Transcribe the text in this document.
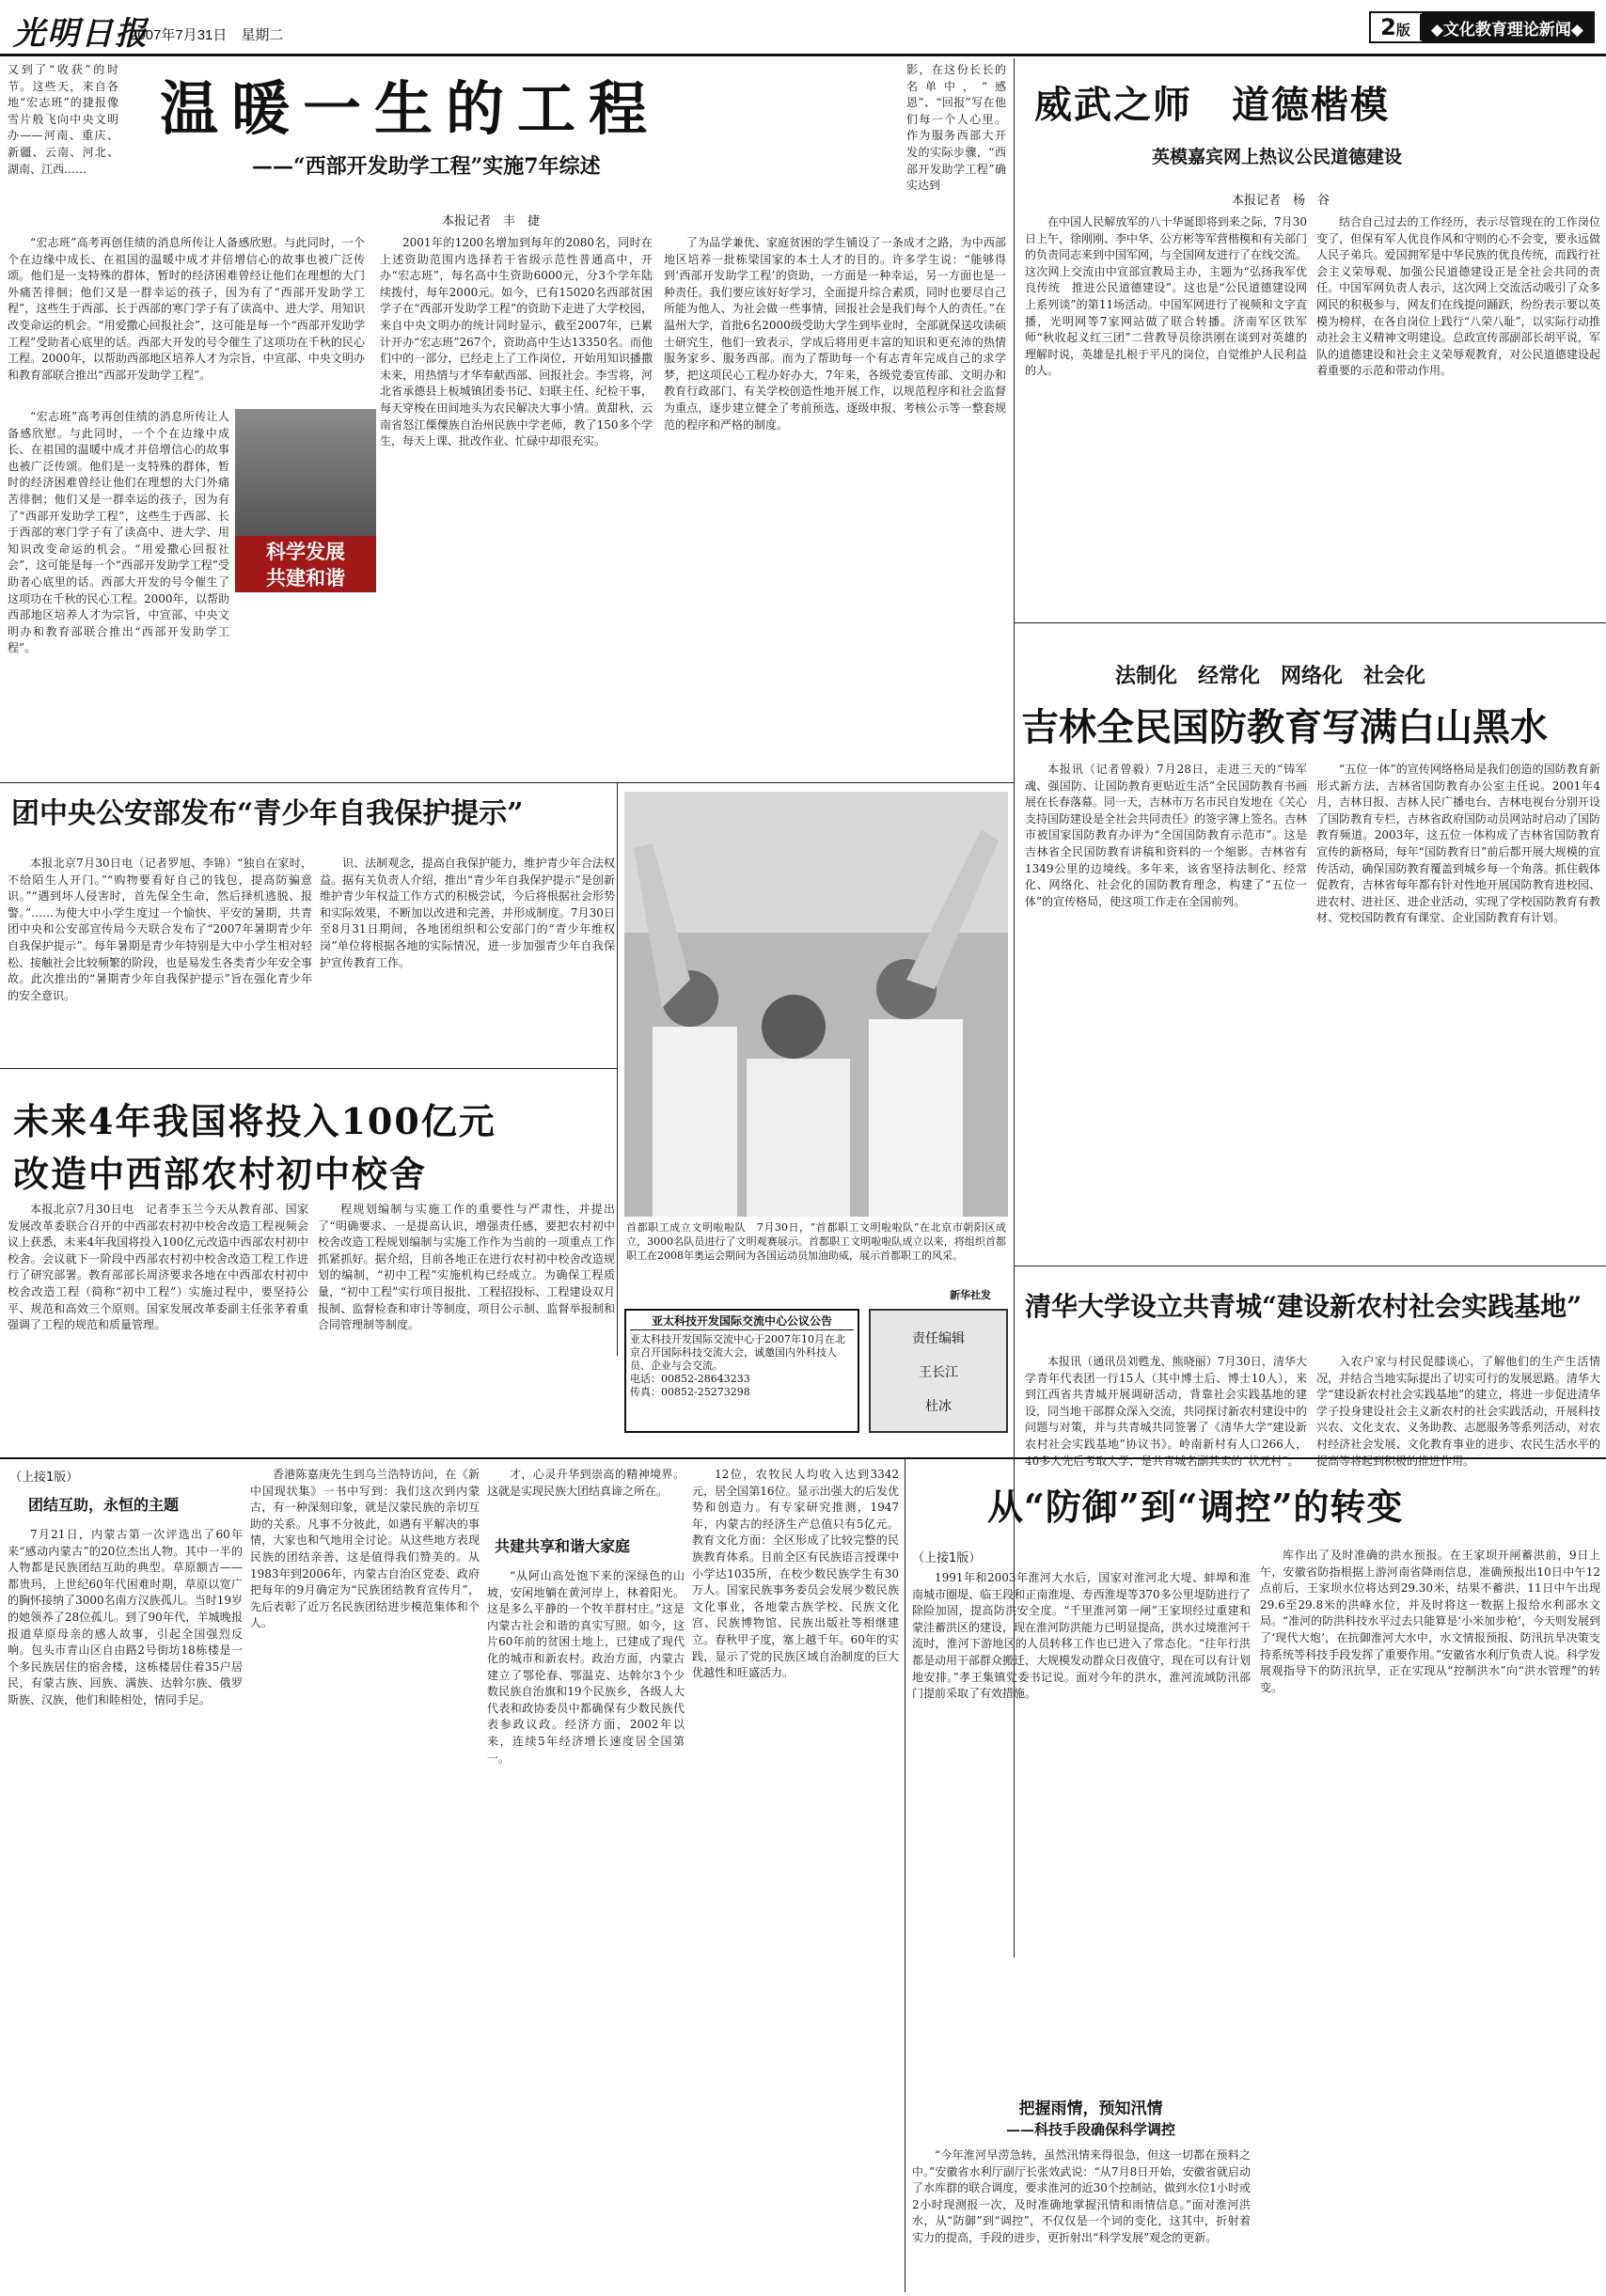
光明日报
2007年7月31日　星期二	2版	◆文化教育理论新闻◆
又到了“收获”的时节。这些天，来自各地“宏志班”的捷报像雪片般飞向中央文明办——河南、重庆、新疆、云南、河北、湖南、江西……
温暖一生的工程
——“西部开发助学工程”实施7年综述
本报记者　丰　捷
影，在这份长长的名单中，“感恩”、“回报”写在他们每一个人心里。作为服务西部大开发的实际步骤，“西部开发助学工程”确实达到
“宏志班”高考再创佳绩的消息所传让人备感欣慰。与此同时，一个个在边缘中成长、在祖国的温暖中成才并倍增信心的故事也被广泛传颂。他们是一支特殊的群体，暂时的经济困难曾经让他们在理想的大门外痛苦徘徊；他们又是一群幸运的孩子，因为有了“西部开发助学工程”，这些生于西部、长于西部的寒门学子有了读高中、进大学、用知识改变命运的机会。“用爱撒心回报社会”，这可能是每一个“西部开发助学工程”受助者心底里的话。西部大开发的号令催生了这项功在千秋的民心工程。2000年，以帮助西部地区培养人才为宗旨，中宣部、中央文明办和教育部联合推出“西部开发助学工程”。
科学发展
共建和谐
“宏志班”高考再创佳绩的消息所传让人备感欣慰。与此同时，一个个在边缘中成长、在祖国的温暖中成才并倍增信心的故事也被广泛传颂。他们是一支特殊的群体，暂时的经济困难曾经让他们在理想的大门外痛苦徘徊；他们又是一群幸运的孩子，因为有了“西部开发助学工程”，这些生于西部、长于西部的寒门学子有了读高中、进大学、用知识改变命运的机会。“用爱撒心回报社会”，这可能是每一个“西部开发助学工程”受助者心底里的话。西部大开发的号令催生了这项功在千秋的民心工程。2000年，以帮助西部地区培养人才为宗旨，中宣部、中央文明办和教育部联合推出“西部开发助学工程”。
2001年的1200名增加到每年的2080名，同时在上述资助范围内选择若干省级示范性普通高中，开办“宏志班”，每名高中生资助6000元，分3个学年陆续拨付，每年2000元。如今，已有15020名西部贫困学子在“西部开发助学工程”的资助下走进了大学校园，来自中央文明办的统计同时显示，截至2007年，已累计开办“宏志班”267个，资助高中生达13350名。而他们中的一部分，已经走上了工作岗位，开始用知识播撒未来，用热情与才华奉献西部、回报社会。李雪将，河北省承德县上板城镇团委书记、妇联主任、纪检干事，每天穿梭在田间地头为农民解决大事小情。黄甜秋，云南省怒江傈僳族自治州民族中学老师，教了150多个学生，每天上课、批改作业、忙碌中却很充实。
了为品学兼优、家庭贫困的学生铺设了一条成才之路，为中西部地区培养一批栋梁国家的本土人才的目的。许多学生说：“能够得到‘西部开发助学工程’的资助，一方面是一种幸运，另一方面也是一种责任。我们要应该好好学习，全面提升综合素质，同时也要尽自己所能为他人、为社会做一些事情，回报社会是我们每个人的责任。”在温州大学，首批6名2000级受助大学生到毕业时，全部就保送攻读硕士研究生，他们一致表示，学成后将用更丰富的知识和更充沛的热情服务家乡、服务西部。而为了帮助每一个有志青年完成自己的求学梦，把这项民心工程办好办大，7年来，各级党委宣传部、文明办和教育行政部门、有关学校创造性地开展工作，以规范程序和社会监督为重点，逐步建立健全了考前预选、逐级申报、考核公示等一整套规范的程序和严格的制度。
威武之师　道德楷模
英模嘉宾网上热议公民道德建设
本报记者　杨　谷
在中国人民解放军的八十华诞即将到来之际，7月30日上午，徐刚刚、李中华、公方彬等军营楷模和有关部门的负责同志来到中国军网，与全国网友进行了在线交流。这次网上交流由中宣部宣教局主办，主题为“弘扬我军优良传统　推进公民道德建设”。这也是“公民道德建设网上系列谈”的第11场活动。中国军网进行了视频和文字直播，光明网等7家网站做了联合转播。济南军区铁军师“秋收起义红三团”二营教导员徐洪刚在谈到对英雄的理解时说，英雄是扎根于平凡的岗位，自觉维护人民利益的人。
结合自己过去的工作经历，表示尽管现在的工作岗位变了，但保有军人优良作风和守则的心不会变，要永远做人民子弟兵。爱国拥军是中华民族的优良传统，而践行社会主义荣辱观、加强公民道德建设正是全社会共同的责任。中国军网负责人表示，这次网上交流活动吸引了众多网民的积极参与，网友们在线提问踊跃，纷纷表示要以英模为榜样，在各自岗位上践行“八荣八耻”，以实际行动推动社会主义精神文明建设。总政宣传部副部长胡平说，军队的道德建设和社会主义荣辱观教育，对公民道德建设起着重要的示范和带动作用。
法制化　经常化　网络化　社会化
吉林全民国防教育写满白山黑水
本报讯（记者曾毅）7月28日，走进三天的“铸军魂、强国防、让国防教育更贴近生活”全民国防教育书画展在长春落幕。同一天，吉林市万名市民自发地在《关心支持国防建设是全社会共同责任》的签字簿上签名。吉林市被国家国防教育办评为“全国国防教育示范市”。这是吉林省全民国防教育讲稿和资料的一个缩影。吉林省有1349公里的边境线。多年来，该省坚持法制化、经常化、网络化、社会化的国防教育理念，构建了“五位一体”的宣传格局，使这项工作走在全国前列。
“五位一体”的宣传网络格局是我们创造的国防教育新形式新方法，吉林省国防教育办公室主任说。2001年4月，吉林日报、吉林人民广播电台、吉林电视台分别开设了国防教育专栏，吉林省政府国防动员网站时启动了国防教育频道。2003年，这五位一体构成了吉林省国防教育宣传的新格局，每年“国防教育日”前后都开展大规模的宣传活动，确保国防教育覆盖到城乡每一个角落。抓住载体促教育，吉林省每年都有针对性地开展国防教育进校园、进农村、进社区、进企业活动，实现了学校国防教育有教材、党校国防教育有课堂、企业国防教育有计划。
团中央公安部发布“青少年自我保护提示”
本报北京7月30日电（记者罗旭、李锦）“独自在家时，不给陌生人开门。”“购物要看好自己的钱包，提高防骗意识。”“遇到坏人侵害时，首先保全生命，然后择机逃脱、报警。”……为使大中小学生度过一个愉快、平安的暑期，共青团中央和公安部宣传局今天联合发布了“2007年暑期青少年自我保护提示”。每年暑期是青少年特别是大中小学生相对轻松、接触社会比较频繁的阶段，也是易发生各类青少年安全事故。此次推出的“暑期青少年自我保护提示”旨在强化青少年的安全意识。
识、法制观念，提高自我保护能力，维护青少年合法权益。据有关负责人介绍，推出“青少年自我保护提示”是创新维护青少年权益工作方式的积极尝试，今后将根据社会形势和实际效果，不断加以改进和完善，并形成制度。7月30日至8月31日期间，各地团组织和公安部门的“青少年维权岗”单位将根据各地的实际情况，进一步加强青少年自我保护宣传教育工作。
未来4年我国将投入100亿元
改造中西部农村初中校舍
本报北京7月30日电　记者李玉兰今天从教育部、国家发展改革委联合召开的中西部农村初中校舍改造工程视频会议上获悉，未来4年我国将投入100亿元改造中西部农村初中校舍。会议就下一阶段中西部农村初中校舍改造工程工作进行了研究部署。教育部部长周济要求各地在中西部农村初中校舍改造工程（简称“初中工程”）实施过程中，要坚持公平、规范和高效三个原则。国家发展改革委副主任张茅着重强调了工程的规范和质量管理。
程规划编制与实施工作的重要性与严肃性，并提出了“明确要求、一是提高认识，增强责任感，要把农村初中校舍改造工程规划编制与实施工作作为当前的一项重点工作抓紧抓好。据介绍，目前各地正在进行农村初中校舍改造规划的编制，“初中工程”实施机构已经成立。为确保工程质量，“初中工程”实行项目报批、工程招投标、工程建设双月报制、监督检查和审计等制度，项目公示制、监督举报制和合同管理制等制度。
首都职工成立文明啦啦队　7月30日，“首都职工文明啦啦队”在北京市朝阳区成立，3000名队员进行了文明观赛展示。首都职工文明啦啦队成立以来，将组织首都职工在2008年奥运会期间为各国运动员加油助威，展示首都职工的风采。
新华社发
亚太科技开发国际交流中心公议公告
亚太科技开发国际交流中心于2007年10月在北京召开国际科技交流大会，诚邀国内外科技人员、企业与会交流。
电话：00852-28643233
传真：00852-25273298
责任编辑
王长江
杜冰
清华大学设立共青城“建设新农村社会实践基地”
本报讯（通讯员刘甦龙、熊晓丽）7月30日，清华大学青年代表团一行15人（其中博士后、博士10人），来到江西省共青城开展调研活动，背靠社会实践基地的建设，同当地干部群众深入交流，共同探讨新农村建设中的问题与对策，并与共青城共同签署了《清华大学“建设新农村社会实践基地”协议书》。岭南新村有人口266人，40多人先后考取大学，是共青城名副其实的“状元村”。
入农户家与村民促膝谈心，了解他们的生产生活情况，并结合当地实际提出了切实可行的发展思路。清华大学“建设新农村社会实践基地”的建立，将进一步促进清华学子投身建设社会主义新农村的社会实践活动，开展科技兴农、文化支农、义务助教、志愿服务等系列活动，对农村经济社会发展、文化教育事业的进步、农民生活水平的提高等将起到积极的推进作用。
（上接1版）
团结互助，永恒的主题
7月21日，内蒙古第一次评选出了60年来“感动内蒙古”的20位杰出人物。其中一半的人物都是民族团结互助的典型。草原额吉——都贵玛，上世纪60年代困难时期，草原以宽广的胸怀接纳了3000名南方汉族孤儿。当时19岁的她领养了28位孤儿。到了90年代，羊城晚报报道草原母亲的感人故事，引起全国强烈反响。包头市青山区自由路2号街坊18栋楼是一个多民族居住的宿舍楼，这栋楼居住着35户居民，有蒙古族、回族、满族、达斡尔族、俄罗斯族、汉族，他们和睦相处，情同手足。
香港陈嘉庚先生到乌兰浩特访问，在《新中国现状集》一书中写到：我们这次到内蒙古，有一种深刻印象，就是汉蒙民族的亲切互助的关系。凡事不分彼此，如遇有平解决的事情，大家也和气地用全讨论。从这些地方表现民族的团结亲善，这是值得我们赞美的。从1983年到2006年，内蒙古自治区党委、政府把每年的9月确定为“民族团结教育宣传月”，先后表彰了近万名民族团结进步模范集体和个人。
才，心灵升华到崇高的精神境界。这就是实现民族大团结真谛之所在。
共建共享和谐大家庭
“从阿山高处饱下来的深绿色的山坡，安闲地躺在黄河岸上，林着阳光。这是多么平静的一个牧羊群村庄。”这是内蒙古社会和谐的真实写照。如今，这片60年前的贫困土地上，已建成了现代化的城市和新农村。政治方面，内蒙古建立了鄂伦春、鄂温克、达斡尔3个少数民族自治旗和19个民族乡，各级人大代表和政协委员中都确保有少数民族代表参政议政。经济方面，2002年以来，连续5年经济增长速度居全国第一。
12位，农牧民人均收入达到3342元，居全国第16位。显示出强大的后发优势和创造力。有专家研究推测，1947年，内蒙古的经济生产总值只有5亿元。教育文化方面：全区形成了比较完整的民族教育体系。目前全区有民族语言授课中小学达1035所，在校少数民族学生有30万人。国家民族事务委员会发展少数民族文化事业，各地蒙古族学校、民族文化宫、民族博物馆、民族出版社等相继建立。春秋甲子度，塞上越千年。60年的实践，显示了党的民族区域自治制度的巨大优越性和旺盛活力。
从“防御”到“调控”的转变
（上接1版）
1991年和2003年淮河大水后，国家对淮河北大堤、蚌埠和淮南城市圈堤、临王段和正南淮堤、寿西淮堤等370多公里堤防进行了除险加固，提高防洪安全度。“千里淮河第一闸”王家坝经过重建和蒙洼蓄洪区的建设，现在淮河防洪能力已明显提高，洪水过境淮河干流时，淮河下游地区的人员转移工作也已进入了常态化。“往年行洪都是动用干部群众搬迁，大规模发动群众日夜值守，现在可以有计划地安排。”孝王集镇党委书记说。面对今年的洪水，淮河流域防汛部门提前采取了有效措施。
库作出了及时准确的洪水预报。在王家坝开闸蓄洪前，9日上午，安徽省防指根据上游河南省降雨信息，准确预报出10日中午12点前后，王家坝水位将达到29.30米，结果不蓄洪，11日中午出现29.6至29.8米的洪峰水位，并及时将这一数据上报给水利部水文局。“准河的防洪科技水平过去只能算是‘小米加步枪’，今天则发展到了‘现代大炮’，在抗御淮河大水中，水文情报预报、防汛抗旱决策支持系统等科技手段发挥了重要作用。”安徽省水利厅负责人说。科学发展观指导下的防汛抗旱，正在实现从“控制洪水”向“洪水管理”的转变。
把握雨情，预知汛情
——科技手段确保科学调控
“今年淮河早涝急转，虽然汛情来得很急，但这一切都在预料之中。”安徽省水利厅副厅长张效武说：“从7月8日开始，安徽省就启动了水库群的联合调度，要求淮河的近30个控制站，做到水位1小时或2小时现测报一次，及时准确地掌握汛情和雨情信息。”面对淮河洪水，从“防御”到“调控”，不仅仅是一个词的变化，这其中，折射着实力的提高，手段的进步，更折射出“科学发展”观念的更新。
